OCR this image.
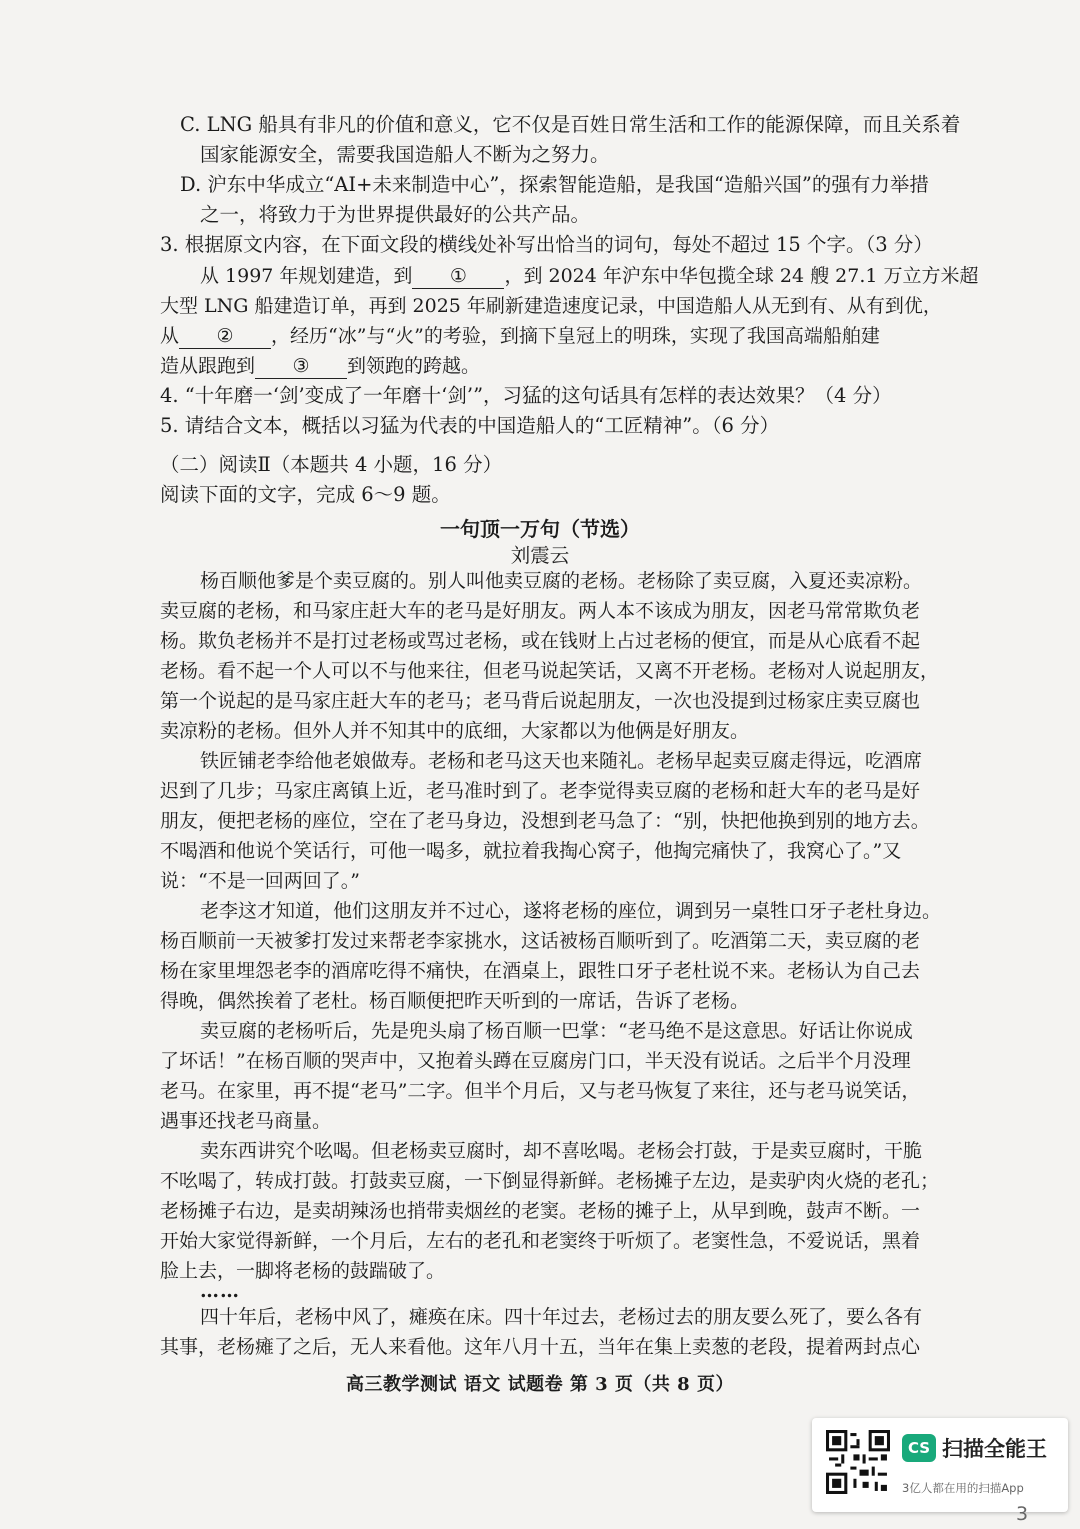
C. LNG 船具有非凡的价值和意义，它不仅是百姓日常生活和工作的能源保障，而且关系着
国家能源安全，需要我国造船人不断为之努力。
D. 沪东中华成立“AI+未来制造中心”，探索智能造船，是我国“造船兴国”的强有力举措
之一，将致力于为世界提供最好的公共产品。
3. 根据原文内容，在下面文段的横线处补写出恰当的词句，每处不超过 15 个字。（3 分）
从 1997 年规划建造，到 ① ，到 2024 年沪东中华包揽全球 24 艘 27.1 万立方米超
大型 LNG 船建造订单，再到 2025 年刷新建造速度记录，中国造船人从无到有、从有到优，
从 ② ，经历“冰”与“火”的考验，到摘下皇冠上的明珠，实现了我国高端船舶建
造从跟跑到 ③ 到领跑的跨越。
4. “十年磨一‘剑’变成了一年磨十‘剑’”，习猛的这句话具有怎样的表达效果？（4 分）
5. 请结合文本，概括以习猛为代表的中国造船人的“工匠精神”。（6 分）
（二）阅读Ⅱ（本题共 4 小题，16 分）
阅读下面的文字，完成 6～9 题。
一句顶一万句（节选）
刘震云
杨百顺他爹是个卖豆腐的。别人叫他卖豆腐的老杨。老杨除了卖豆腐，入夏还卖凉粉。
卖豆腐的老杨，和马家庄赶大车的老马是好朋友。两人本不该成为朋友，因老马常常欺负老
杨。欺负老杨并不是打过老杨或骂过老杨，或在钱财上占过老杨的便宜，而是从心底看不起
老杨。看不起一个人可以不与他来往，但老马说起笑话，又离不开老杨。老杨对人说起朋友，
第一个说起的是马家庄赶大车的老马；老马背后说起朋友，一次也没提到过杨家庄卖豆腐也
卖凉粉的老杨。但外人并不知其中的底细，大家都以为他俩是好朋友。
铁匠铺老李给他老娘做寿。老杨和老马这天也来随礼。老杨早起卖豆腐走得远，吃酒席
迟到了几步；马家庄离镇上近，老马准时到了。老李觉得卖豆腐的老杨和赶大车的老马是好
朋友，便把老杨的座位，空在了老马身边，没想到老马急了：“别，快把他换到别的地方去。
不喝酒和他说个笑话行，可他一喝多，就拉着我掏心窝子，他掏完痛快了，我窝心了。”又
说：“不是一回两回了。”
老李这才知道，他们这朋友并不过心，遂将老杨的座位，调到另一桌牲口牙子老杜身边。
杨百顺前一天被爹打发过来帮老李家挑水，这话被杨百顺听到了。吃酒第二天，卖豆腐的老
杨在家里埋怨老李的酒席吃得不痛快，在酒桌上，跟牲口牙子老杜说不来。老杨认为自己去
得晚，偶然挨着了老杜。杨百顺便把昨天听到的一席话，告诉了老杨。
卖豆腐的老杨听后，先是兜头扇了杨百顺一巴掌：“老马绝不是这意思。好话让你说成
了坏话！”在杨百顺的哭声中，又抱着头蹲在豆腐房门口，半天没有说话。之后半个月没理
老马。在家里，再不提“老马”二字。但半个月后，又与老马恢复了来往，还与老马说笑话，
遇事还找老马商量。
卖东西讲究个吆喝。但老杨卖豆腐时，却不喜吆喝。老杨会打鼓，于是卖豆腐时，干脆
不吆喝了，转成打鼓。打鼓卖豆腐，一下倒显得新鲜。老杨摊子左边，是卖驴肉火烧的老孔；
老杨摊子右边，是卖胡辣汤也捎带卖烟丝的老窦。老杨的摊子上，从早到晚，鼓声不断。一
开始大家觉得新鲜，一个月后，左右的老孔和老窦终于听烦了。老窦性急，不爱说话，黑着
脸上去，一脚将老杨的鼓踹破了。
……
四十年后，老杨中风了，瘫痪在床。四十年过去，老杨过去的朋友要么死了，要么各有
其事，老杨瘫了之后，无人来看他。这年八月十五，当年在集上卖葱的老段，提着两封点心
高三教学测试 语文 试题卷 第 3 页（共 8 页）
CS 扫描全能王
3亿人都在用的扫描App
3
